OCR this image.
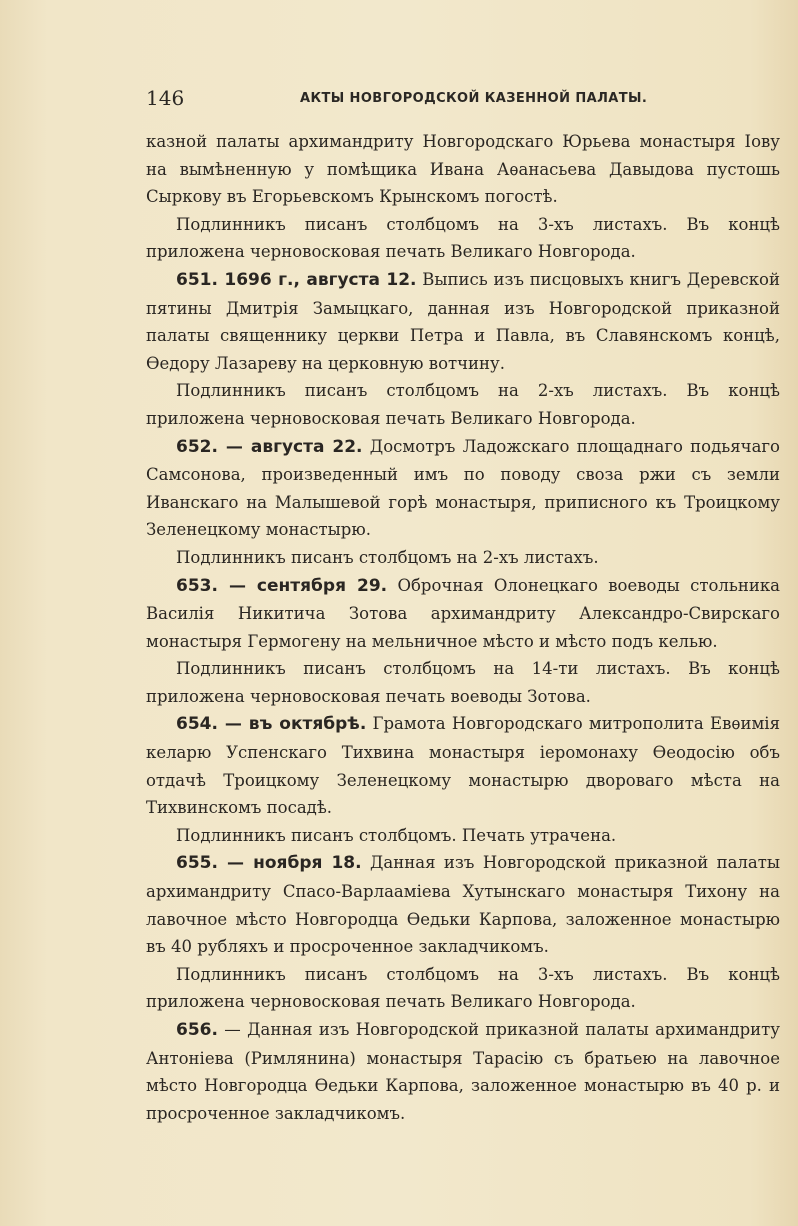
146	АКТЫ НОВГОРОДСКОЙ КАЗЕННОЙ ПАЛАТЫ.

казной палаты архимандриту Новгородскаго Юрьева монастыря Іову на вымѣненную у помѣщика Ивана Аѳанасьева Давыдова пустошь Сыркову въ Егорьевскомъ Крынскомъ погостѣ.

Подлинникъ писанъ столбцомъ на 3-хъ листахъ. Въ концѣ приложена черновосковая печать Великаго Новгорода.

651. 1696 г., августа 12. Выпись изъ писцовыхъ книгъ Деревской пятины Дмитрія Замыцкаго, данная изъ Новгородской приказной палаты священнику церкви Петра и Павла, въ Славянскомъ концѣ, Ѳедору Лазареву на церковную вотчину.

Подлинникъ писанъ столбцомъ на 2-хъ листахъ. Въ концѣ приложена черновосковая печать Великаго Новгорода.

652. — августа 22. Досмотръ Ладожскаго площаднаго подьячаго Самсонова, произведенный имъ по поводу своза ржи съ земли Иванскаго на Малышевой горѣ монастыря, приписного къ Троицкому Зеленецкому монастырю.

Подлинникъ писанъ столбцомъ на 2-хъ листахъ.

653. — сентября 29. Оброчная Олонецкаго воеводы стольника Василія Никитича Зотова архимандриту Александро-Свирскаго монастыря Гермогену на мельничное мѣсто и мѣсто подъ келью.

Подлинникъ писанъ столбцомъ на 14-ти листахъ. Въ концѣ приложена черновосковая печать воеводы Зотова.

654. — въ октябрѣ. Грамота Новгородскаго митрополита Евѳимія келарю Успенскаго Тихвина монастыря іеромонаху Ѳеодосію объ отдачѣ Троицкому Зеленецкому монастырю двороваго мѣста на Тихвинскомъ посадѣ.

Подлинникъ писанъ столбцомъ. Печать утрачена.

655. — ноября 18. Данная изъ Новгородской приказной палаты архимандриту Спасо-Варлааміева Хутынскаго монастыря Тихону на лавочное мѣсто Новгородца Ѳедьки Карпова, заложенное монастырю въ 40 рубляхъ и просроченное закладчикомъ.

Подлинникъ писанъ столбцомъ на 3-хъ листахъ. Въ концѣ приложена черновосковая печать Великаго Новгорода.

656. — Данная изъ Новгородской приказной палаты архимандриту Антоніева (Римлянина) монастыря Тарасію съ братьею на лавочное мѣсто Новгородца Ѳедьки Карпова, заложенное монастырю въ 40 р. и просроченное закладчикомъ.
